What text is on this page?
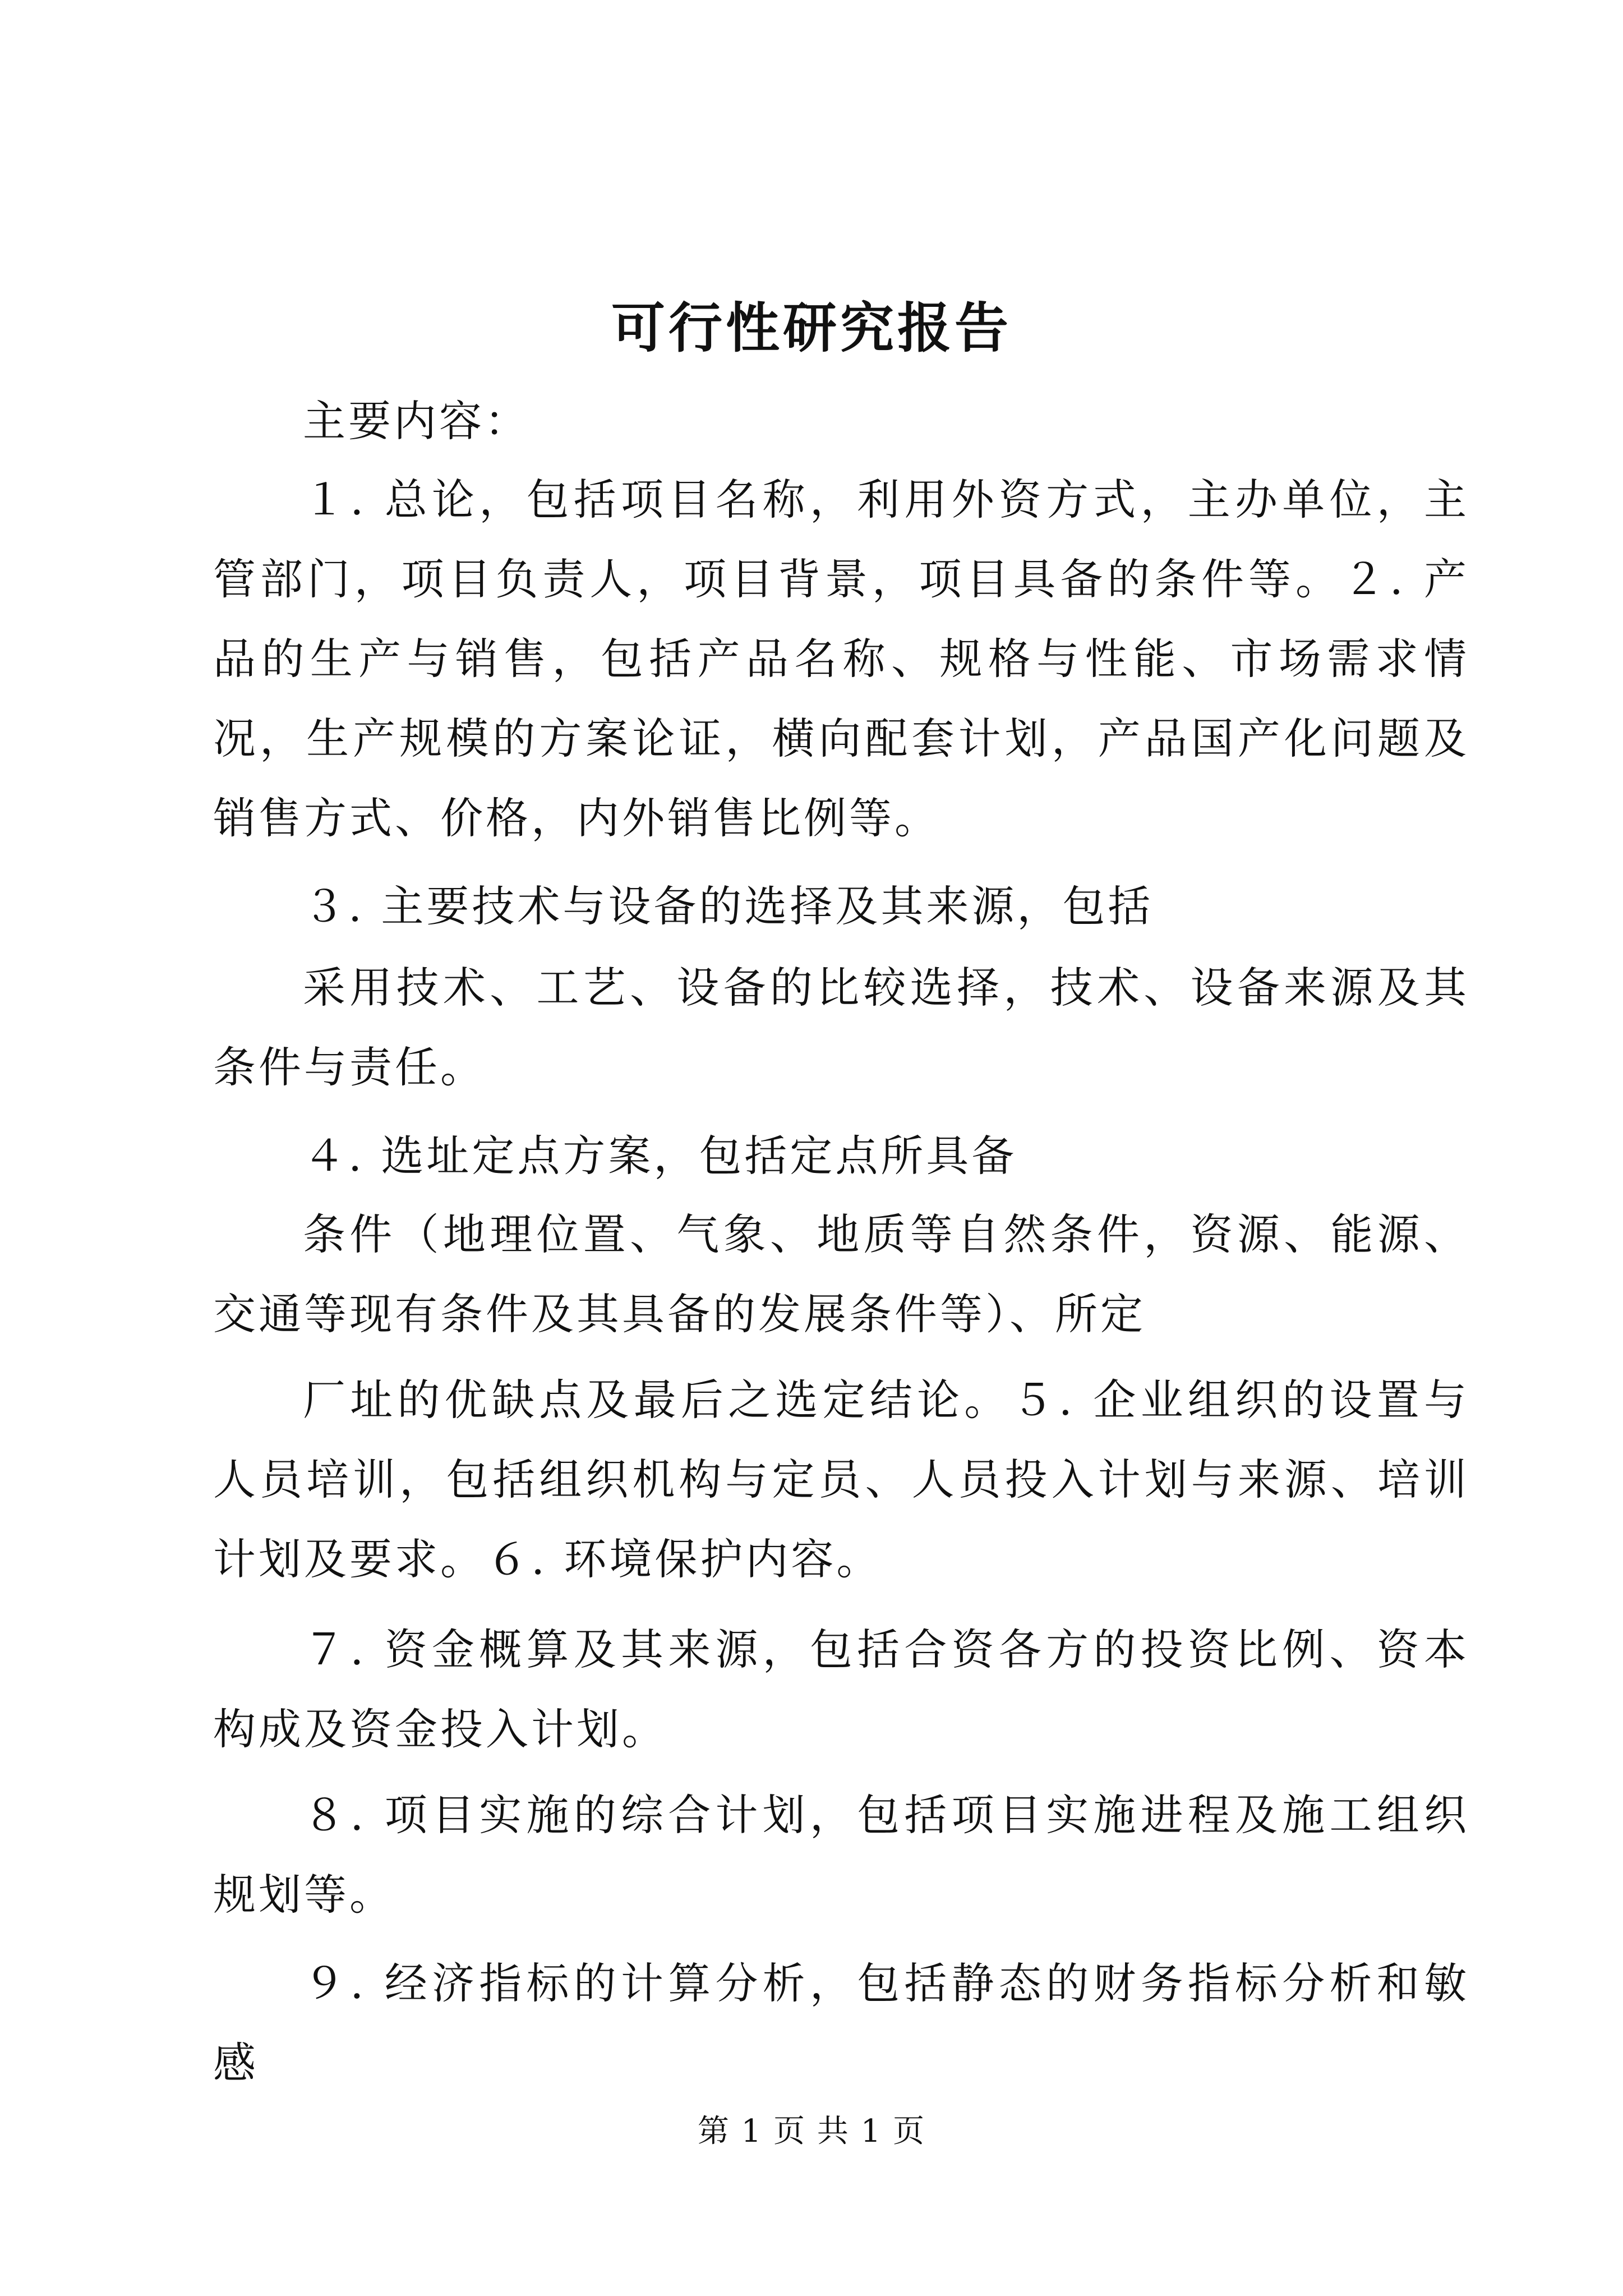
可行性研究报告

主要内容：

１. 总论，包括项目名称，利用外资方式，主办单位，主管部门，项目负责人，项目背景，项目具备的条件等。２. 产品的生产与销售，包括产品名称、规格与性能、市场需求情况，生产规模的方案论证，横向配套计划，产品国产化问题及销售方式、价格，内外销售比例等。

３. 主要技术与设备的选择及其来源，包括

采用技术、工艺、设备的比较选择，技术、设备来源及其条件与责任。

４. 选址定点方案，包括定点所具备

条件（地理位置、气象、地质等自然条件，资源、能源、交通等现有条件及其具备的发展条件等）、所定

厂址的优缺点及最后之选定结论。５. 企业组织的设置与人员培训，包括组织机构与定员、人员投入计划与来源、培训计划及要求。６. 环境保护内容。

７. 资金概算及其来源，包括合资各方的投资比例、资本构成及资金投入计划。

８. 项目实施的综合计划，包括项目实施进程及施工组织规划等。

９. 经济指标的计算分析，包括静态的财务指标分析和敏感

第 1 页 共 1 页
